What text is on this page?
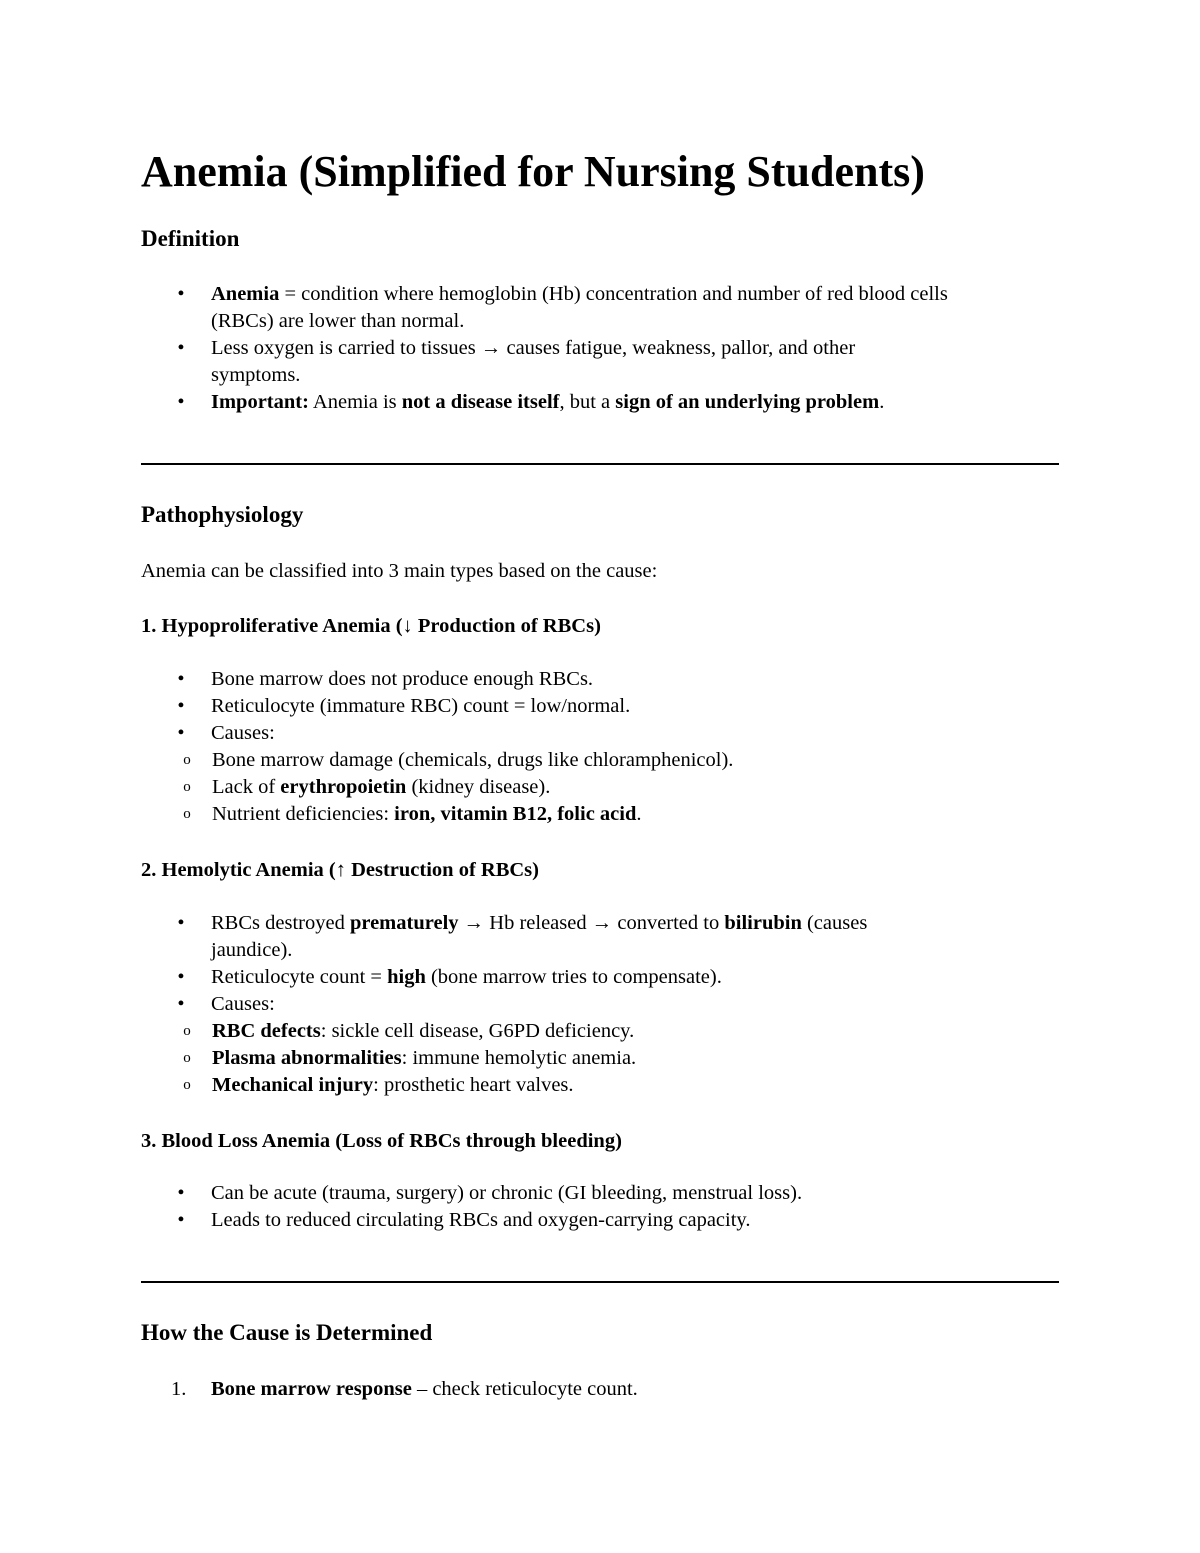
Anemia (Simplified for Nursing Students)
Definition
•	Anemia = condition where hemoglobin (Hb) concentration and number of red blood cells
(RBCs) are lower than normal.
•	Less oxygen is carried to tissues → causes fatigue, weakness, pallor, and other
symptoms.
•	Important: Anemia is not a disease itself, but a sign of an underlying problem.
Pathophysiology

Anemia can be classified into 3 main types based on the cause:

1. Hypoproliferative Anemia (↓ Production of RBCs)
•	Bone marrow does not produce enough RBCs.
•	Reticulocyte (immature RBC) count = low/normal.
•	Causes:
o	Bone marrow damage (chemicals, drugs like chloramphenicol).
o	Lack of erythropoietin (kidney disease).
o	Nutrient deficiencies: iron, vitamin B12, folic acid.
2. Hemolytic Anemia (↑ Destruction of RBCs)
•	RBCs destroyed prematurely → Hb released → converted to bilirubin (causes
jaundice).
•	Reticulocyte count = high (bone marrow tries to compensate).
•	Causes:
o	RBC defects: sickle cell disease, G6PD deficiency.
o	Plasma abnormalities: immune hemolytic anemia.
o	Mechanical injury: prosthetic heart valves.
3. Blood Loss Anemia (Loss of RBCs through bleeding)
•	Can be acute (trauma, surgery) or chronic (GI bleeding, menstrual loss).
•	Leads to reduced circulating RBCs and oxygen-carrying capacity.
How the Cause is Determined
1.	Bone marrow response – check reticulocyte count.
